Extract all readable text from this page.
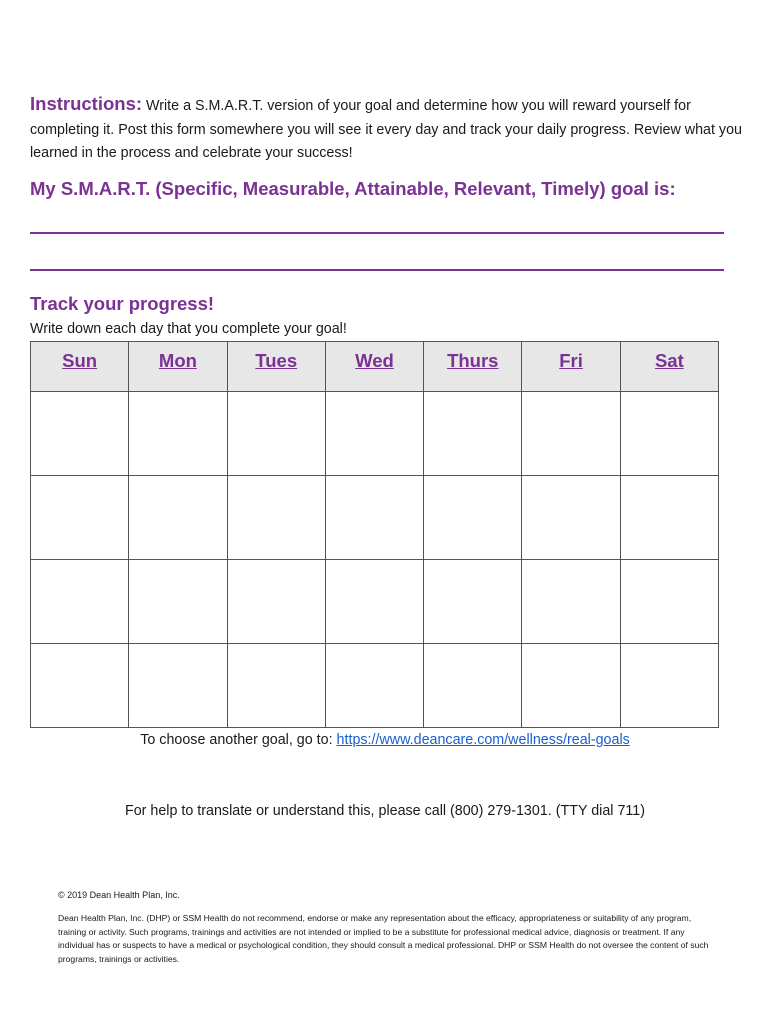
Instructions: Write a S.M.A.R.T. version of your goal and determine how you will reward yourself for completing it. Post this form somewhere you will see it every day and track your daily progress. Review what you learned in the process and celebrate your success!
My S.M.A.R.T. (Specific, Measurable, Attainable, Relevant, Timely) goal is:
Track your progress!
Write down each day that you complete your goal!
Sun	Mon	Tues	Wed	Thurs	Fri	Sat

To choose another goal, go to: https://www.deancare.com/wellness/real-goals
For help to translate or understand this, please call (800) 279-1301. (TTY dial 711)
© 2019 Dean Health Plan, Inc.
Dean Health Plan, Inc. (DHP) or SSM Health do not recommend, endorse or make any representation about the efficacy, appropriateness or suitability of any program, training or activity. Such programs, trainings and activities are not intended or implied to be a substitute for professional medical advice, diagnosis or treatment. If any individual has or suspects to have a medical or psychological condition, they should consult a medical professional. DHP or SSM Health do not oversee the content of such programs, trainings or activities.
